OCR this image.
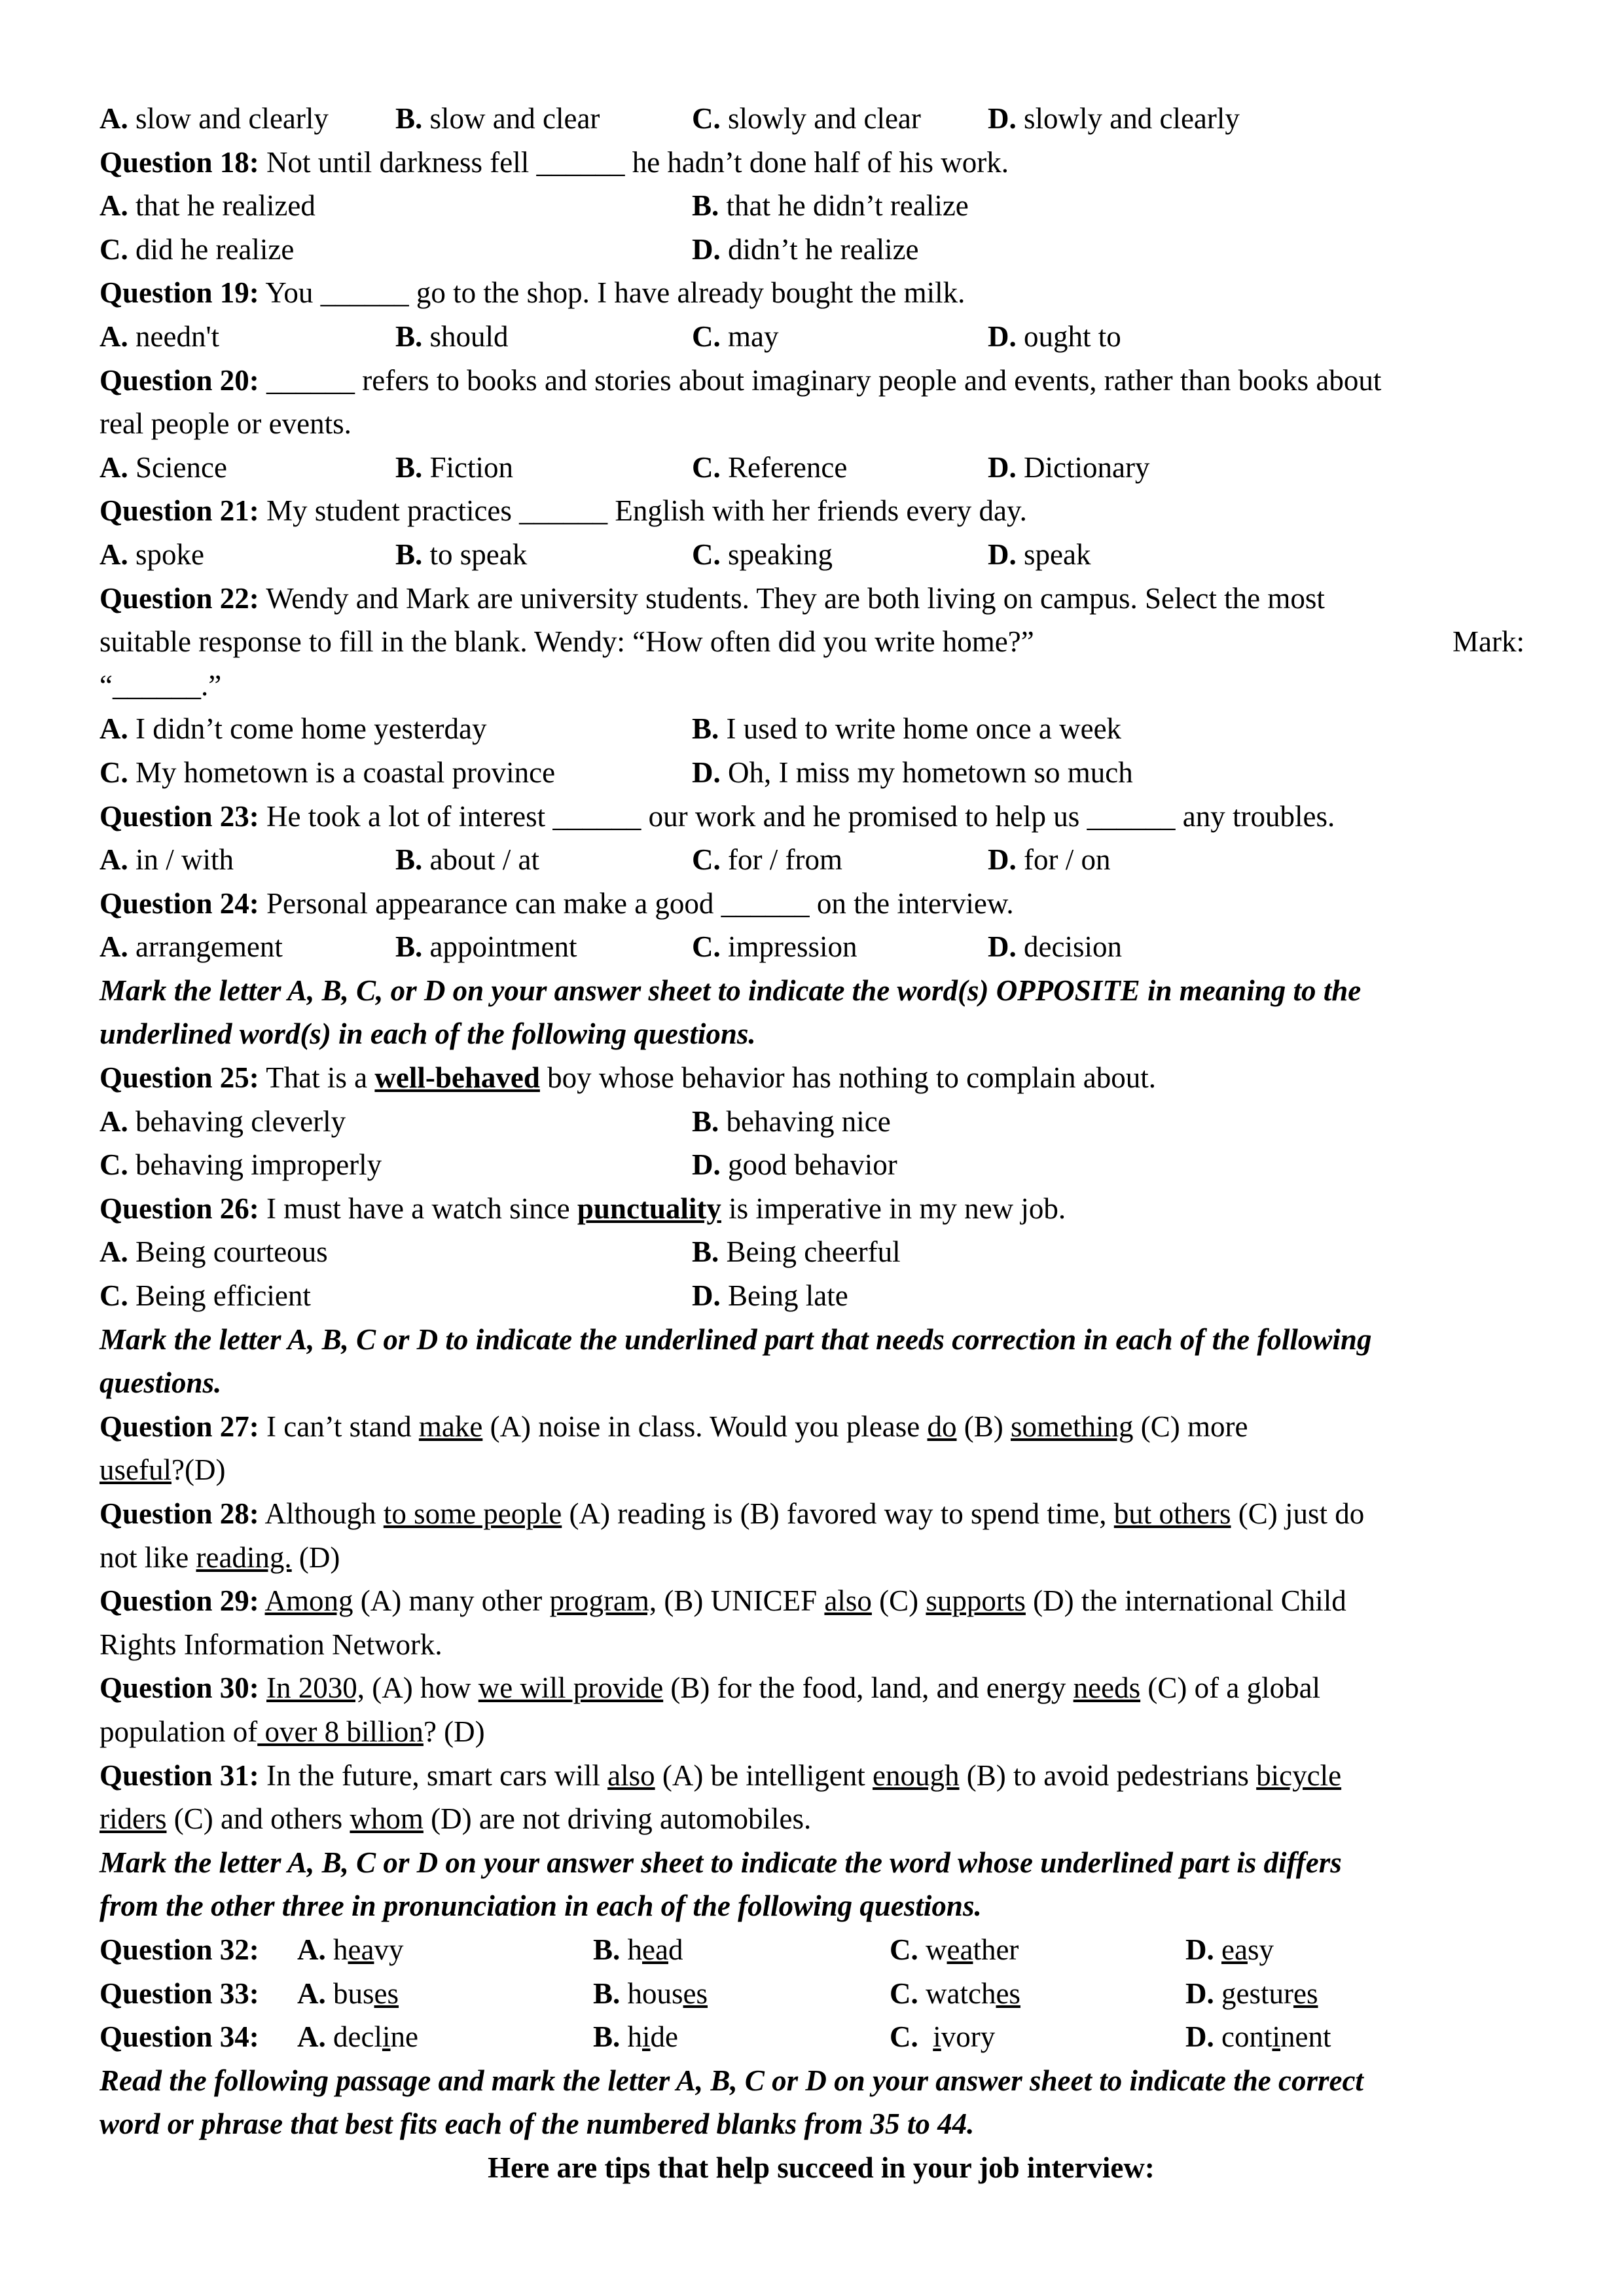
A. slow and clearly B. slow and clear	C. slowly and clear D. slowly and clearly
Question 18: Not until darkness fell ______ he hadn’t done half of his work.
A. that he realized	B. that he didn’t realize
C. did he realize	D. didn’t he realize
Question 19: You ______ go to the shop. I have already bought the milk.
A. needn't	B. should	C. may	D. ought to
Question 20: ______ refers to books and stories about imaginary people and events, rather than books about
real people or events.
A. Science	B. Fiction	C. Reference	D. Dictionary
Question 21: My student practices ______ English with her friends every day.
A. spoke	B. to speak	C. speaking	D. speak
Question 22: Wendy and Mark are university students. They are both living on campus. Select the most
suitable response to fill in the blank. Wendy: “How often did you write home?”	Mark:
“______.”
A. I didn’t come home yesterday	B. I used to write home once a week
C. My hometown is a coastal province	D. Oh, I miss my hometown so much
Question 23: He took a lot of interest ______ our work and he promised to help us ______ any troubles.
A. in / with	B. about / at	C. for / from	D. for / on
Question 24: Personal appearance can make a good ______ on the interview.
A. arrangement	B. appointment	C. impression	D. decision
Mark the letter A, B, C, or D on your answer sheet to indicate the word(s) OPPOSITE in meaning to the
underlined word(s) in each of the following questions.
Question 25: That is a well-behaved boy whose behavior has nothing to complain about.
A. behaving cleverly	B. behaving nice
C. behaving improperly	D. good behavior
Question 26: I must have a watch since punctuality is imperative in my new job.
A. Being courteous	B. Being cheerful
C. Being efficient	D. Being late
Mark the letter A, B, C or D to indicate the underlined part that needs correction in each of the following
questions.
Question 27: I can’t stand make (A) noise in class. Would you please do (B) something (C) more
useful?(D)
Question 28: Although to some people (A) reading is (B) favored way to spend time, but others (C) just do
not like reading. (D)
Question 29: Among (A) many other program, (B) UNICEF also (C) supports (D) the international Child
Rights Information Network.
Question 30: In 2030, (A) how we will provide (B) for the food, land, and energy needs (C) of a global
population of over 8 billion? (D)
Question 31: In the future, smart cars will also (A) be intelligent enough (B) to avoid pedestrians bicycle
riders (C) and others whom (D) are not driving automobiles.
Mark the letter A, B, C or D on your answer sheet to indicate the word whose underlined part is differs
from the other three in pronunciation in each of the following questions.
Question 32: A. heavy	B. head	C. weather	D. easy
Question 33: A. buses	B. houses	C. watches	D. gestures
Question 34: A. decline	B. hide	C. ivory	D. continent
Read the following passage and mark the letter A, B, C or D on your answer sheet to indicate the correct
word or phrase that best fits each of the numbered blanks from 35 to 44.
Here are tips that help succeed in your job interview:
